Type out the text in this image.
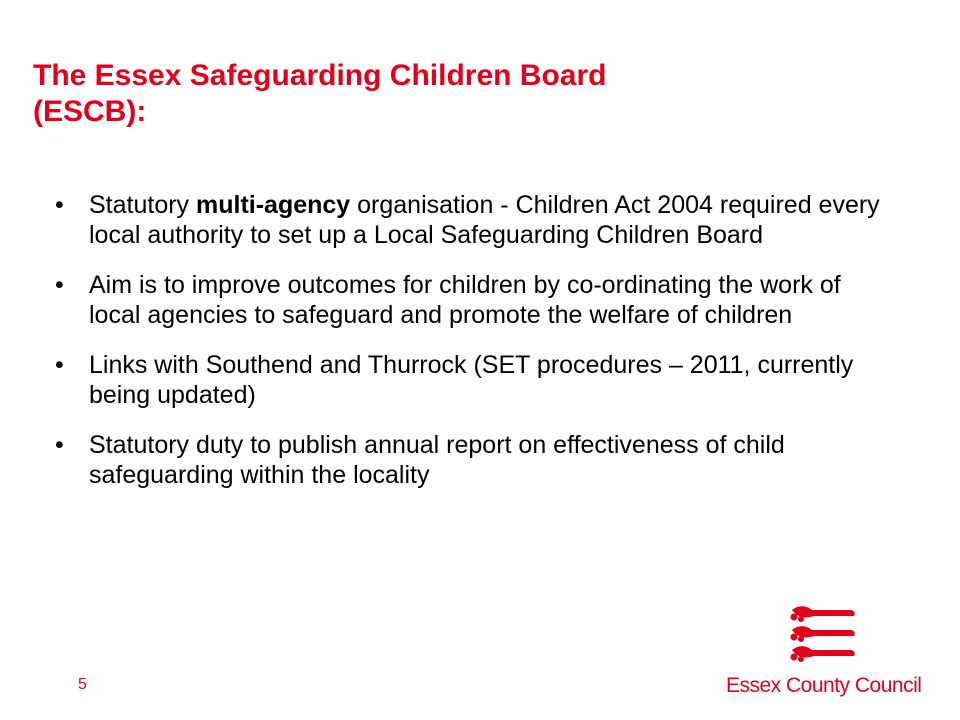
The Essex Safeguarding Children Board
(ESCB):
• Statutory multi-agency organisation - Children Act 2004 required every local authority to set up a Local Safeguarding Children Board
• Aim is to improve outcomes for children by co-ordinating the work of local agencies to safeguard and promote the welfare of children
• Links with Southend and Thurrock (SET procedures – 2011, currently being updated)
• Statutory duty to publish annual report on effectiveness of child safeguarding within the locality
5	Essex County Council
